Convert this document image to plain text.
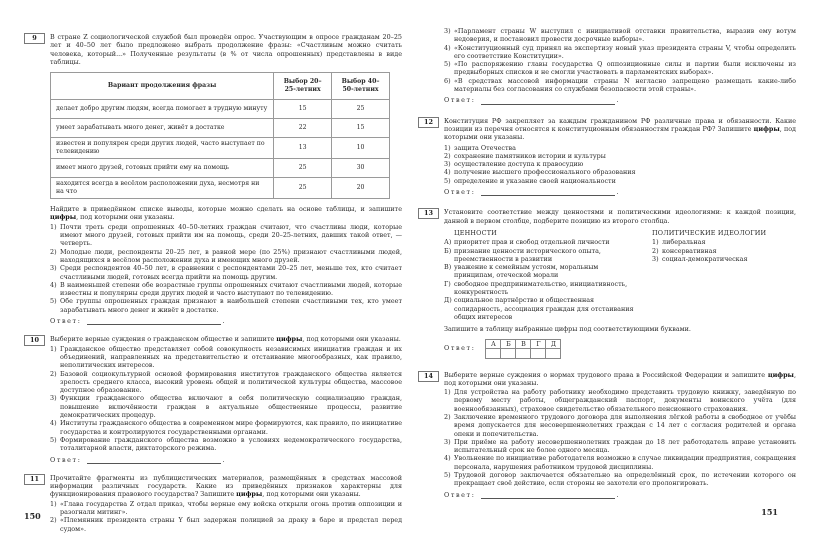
9	В стране Z социологической службой был проведён опрос. Участвующим в опросе гражданам 20–25 лет и 40–50 лет было предложено выбрать продолжение фразы: «Счастливым можно считать человека, который...» Полученные результаты (в % от числа опрошенных) представлены в виде таблицы.
Вариант продолжения фразы	Выбор 20–25-летних	Выбор 40–50-летних
делает добро другим людям, всегда помогает в трудную минуту	15	25
умеет зарабатывать много денег, живёт в достатке	22	15
известен и популярен среди других людей, часто выступает по телевидению	13	10
имеет много друзей, готовых прийти ему на помощь	25	30
находится всегда в весёлом расположении духа, несмотря ни на что	25	20
Найдите в приведённом списке выводы, которые можно сделать на основе таблицы, и запишите цифры, под которыми они указаны.
1) Почти треть среди опрошенных 40–50-летних граждан считают, что счастливы люди, которые имеют много друзей, готовых прийти им на помощь, среди 20–25-летних, давших такой ответ, — четверть.
2) Молодые люди, респонденты 20–25 лет, в равной мере (по 25%) признают счастливыми людей, находящихся в весёлом расположении духа и имеющих много друзей.
3) Среди респондентов 40–50 лет, в сравнении с респондентами 20–25 лет, меньше тех, кто считает счастливыми людей, готовых всегда прийти на помощь другим.
4) В наименьшей степени обе возрастные группы опрошенных считают счастливыми людей, которые известны и популярны среди других людей и часто выступают по телевидению.
5) Обе группы опрошенных граждан признают в наибольшей степени счастливыми тех, кто умеет зарабатывать много денег и живёт в достатке.
Ответ:	.
10	Выберите верные суждения о гражданском обществе и запишите цифры, под которыми они указаны.
1) Гражданское общество представляет собой совокупность независимых инициатив граждан и их объединений, направленных на представительство и отстаивание многообразных, как правило, неполитических интересов.
2) Базовой социокультурной основой формирования институтов гражданского общества является зрелость среднего класса, высокий уровень общей и политической культуры общества, массовое доступное образование.
3) Функции гражданского общества включают в себя политическую социализацию граждан, повышение включённости граждан в актуальные общественные процессы, развитие демократических процедур.
4) Институты гражданского общества в современном мире формируются, как правило, по инициативе государства и контролируются государственными органами.
5) Формирование гражданского общества возможно в условиях недемократического государства, тоталитарной власти, диктаторского режима.
Ответ:	.
11	Прочитайте фрагменты из публицистических материалов, размещённых в средствах массовой информации различных государств. Какие из приведённых признаков характерны для функционирования правового государства? Запишите цифры, под которыми они указаны.
1) «Глава государства Z отдал приказ, чтобы верные ему войска открыли огонь против оппозиции и разогнали митинг».
2) «Племянник президента страны Y был задержан полицией за драку в баре и предстал перед судом».
150
3) «Парламент страны W выступил с инициативой отставки правительства, выразив ему вотум недоверия, и постановил провести досрочные выборы».
4) «Конституционный суд принял на экспертизу новый указ президента страны V, чтобы определить его соответствие Конституции».
5) «По распоряжению главы государства Q оппозиционные силы и партии были исключены из предвыборных списков и не смогли участвовать в парламентских выборах».
6) «В средствах массовой информации страны N негласно запрещено размещать какие-либо материалы без согласования со службами безопасности этой страны».
Ответ:	.
12	Конституция РФ закрепляет за каждым гражданином РФ различные права и обязанности. Какие позиции из перечня относятся к конституционным обязанностям граждан РФ? Запишите цифры, под которыми они указаны.
1) защита Отечества
2) сохранение памятников истории и культуры
3) осуществление доступа к правосудию
4) получение высшего профессионального образования
5) определение и указание своей национальности
Ответ:	.
13	Установите соответствие между ценностями и политическими идеологиями: к каждой позиции, данной в первом столбце, подберите позицию из второго столбца.
ЦЕННОСТИ
А) приоритет прав и свобод отдельной личности
Б) признание ценности исторического опыта, преемственности в развитии
В) уважение к семейным устоям, моральным принципам, отеческой морали
Г) свободное предпринимательство, инициативность, конкурентность
Д) социальное партнёрство и общественная солидарность, ассоциация граждан для отстаивания общих интересов
ПОЛИТИЧЕСКИЕ ИДЕОЛОГИИ
1) либеральная
2) консервативная
3) социал-демократическая
Запишите в таблицу выбранные цифры под соответствующими буквами.
Ответ:
А	Б	В	Г	Д

14	Выберите верные суждения о нормах трудового права в Российской Федерации и запишите цифры, под которыми они указаны.
1) Для устройства на работу работнику необходимо представить трудовую книжку, заведённую по первому месту работы, общегражданский паспорт, документы воинского учёта (для военнообязанных), страховое свидетельство обязательного пенсионного страхования.
2) Заключение временного трудового договора для выполнения лёгкой работы в свободное от учёбы время допускается для несовершеннолетних граждан с 14 лет с согласия родителей и органа опеки и попечительства.
3) При приёме на работу несовершеннолетних граждан до 18 лет работодатель вправе установить испытательный срок не более одного месяца.
4) Увольнение по инициативе работодателя возможно в случае ликвидации предприятия, сокращения персонала, нарушения работником трудовой дисциплины.
5) Трудовой договор заключается обязательно на определённый срок, по истечении которого он прекращает своё действие, если стороны не захотели его пролонгировать.
Ответ:	.
151
